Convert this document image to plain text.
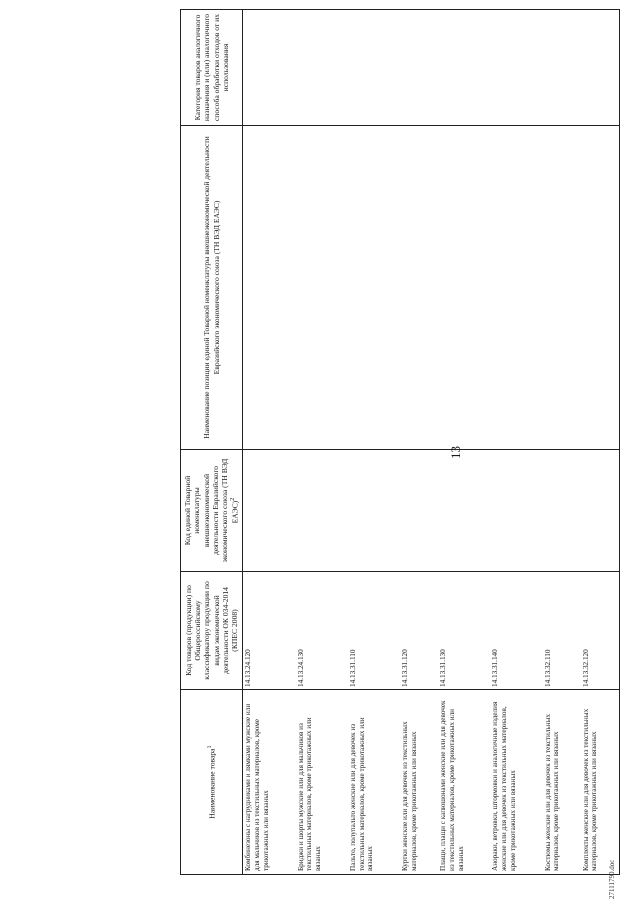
13
Наименование товара$^1$	Код товаров (продукции) по Общероссийскому классификатору продукции по видам экономической деятельности ОК 034-2014 (КПЕС 2008)	Код единой Товарной номенклатуры внешнеэкономической деятельности Евразийского экономического союза (ТН ВЭД ЕАЭС)$^2$	Наименование позиции единой Товарной номенклатуры внешнеэкономической деятельности Евразийского экономического союза (ТН ВЭД ЕАЭС)	Категория товаров аналогичного назначения и (или) аналогичного способа обработки отходов от их использования
Комбинезоны с нагрудниками и лямками мужские или для мальчиков из текстильных материалов, кроме трикотажных или вязаных	14.13.24.120			
Бриджи и шорты мужские или для мальчиков из текстильных материалов, кроме трикотажных или вязаных	14.13.24.130			
Пальто, полупальто женские или для девочек из текстильных материалов, кроме трикотажных или вязаных	14.13.31.110			
Куртки женские или для девочек из текстильных материалов, кроме трикотажных или вязаных	14.13.31.120			
Плащи, плащи с капюшонами женские или для девочек из текстильных материалов, кроме трикотажных или вязаных	14.13.31.130			
Анораки, ветровки, штормовки и аналогичные изделия женские или для девочек из текстильных материалов, кроме трикотажных или вязаных	14.13.31.140			
Костюмы женские или для девочек из текстильных материалов, кроме трикотажных или вязаных	14.13.32.110			
Комплекты женские или для девочек из текстильных материалов, кроме трикотажных или вязаных	14.13.32.120			
27111790.doc
